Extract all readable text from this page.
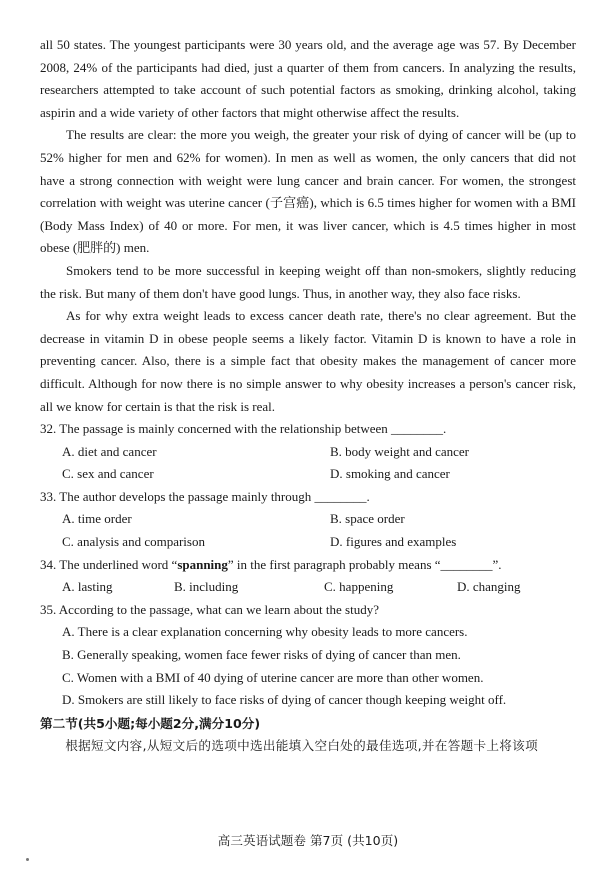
all 50 states. The youngest participants were 30 years old, and the average age was 57. By December 2008, 24% of the participants had died, just a quarter of them from cancers. In analyzing the results, researchers attempted to take account of such potential factors as smoking, drinking alcohol, taking aspirin and a wide variety of other factors that might otherwise affect the results.

The results are clear: the more you weigh, the greater your risk of dying of cancer will be (up to 52% higher for men and 62% for women). In men as well as women, the only cancers that did not have a strong connection with weight were lung cancer and brain cancer. For women, the strongest correlation with weight was uterine cancer (子宫癌), which is 6.5 times higher for women with a BMI (Body Mass Index) of 40 or more. For men, it was liver cancer, which is 4.5 times higher in most obese (肥胖的) men.

Smokers tend to be more successful in keeping weight off than non-smokers, slightly reducing the risk. But many of them don't have good lungs. Thus, in another way, they also face risks.

As for why extra weight leads to excess cancer death rate, there's no clear agreement. But the decrease in vitamin D in obese people seems a likely factor. Vitamin D is known to have a role in preventing cancer. Also, there is a simple fact that obesity makes the management of cancer more difficult. Although for now there is no simple answer to why obesity increases a person's cancer risk, all we know for certain is that the risk is real.

32. The passage is mainly concerned with the relationship between ________.

A. diet and cancer	B. body weight and cancer
C. sex and cancer	D. smoking and cancer

33. The author develops the passage mainly through ________.

A. time order	B. space order
C. analysis and comparison	D. figures and examples

34. The underlined word “spanning” in the first paragraph probably means “________”.

A. lasting	B. including	C. happening	D. changing

35. According to the passage, what can we learn about the study?

A. There is a clear explanation concerning why obesity leads to more cancers.
B. Generally speaking, women face fewer risks of dying of cancer than men.
C. Women with a BMI of 40 dying of uterine cancer are more than other women.
D. Smokers are still likely to face risks of dying of cancer though keeping weight off.
第二节(共5小题;每小题2分,满分10分)

根据短文内容,从短文后的选项中选出能填入空白处的最佳选项,并在答题卡上将该项

高三英语试题卷 第7页 (共10页)
